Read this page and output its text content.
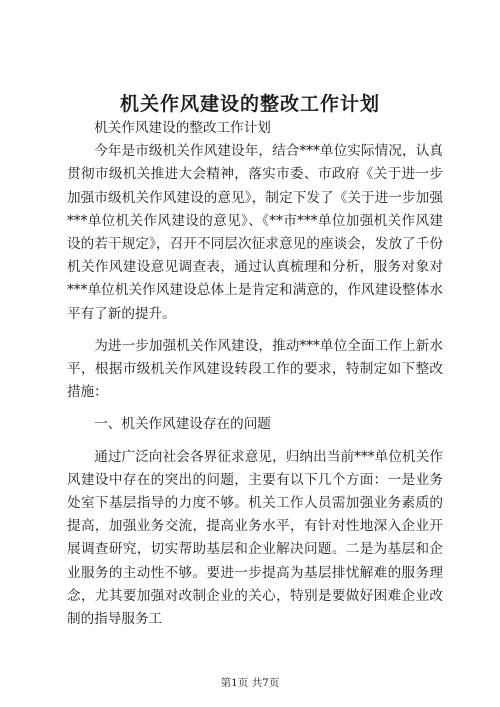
机关作风建设的整改工作计划

机关作风建设的整改工作计划

今年是市级机关作风建设年，结合***单位实际情况，认真贯彻市级机关推进大会精神，落实市委、市政府《关于进一步加强市级机关作风建设的意见》，制定下发了《关于进一步加强***单位机关作风建设的意见》、《**市***单位加强机关作风建设的若干规定》，召开不同层次征求意见的座谈会，发放了千份机关作风建设意见调查表，通过认真梳理和分析，服务对象对***单位机关作风建设总体上是肯定和满意的，作风建设整体水平有了新的提升。

为进一步加强机关作风建设，推动***单位全面工作上新水平，根据市级机关作风建设转段工作的要求，特制定如下整改措施：

一、机关作风建设存在的问题

通过广泛向社会各界征求意见，归纳出当前***单位机关作风建设中存在的突出的问题，主要有以下几个方面：一是业务处室下基层指导的力度不够。机关工作人员需加强业务素质的提高，加强业务交流，提高业务水平，有针对性地深入企业开展调查研究，切实帮助基层和企业解决问题。二是为基层和企业服务的主动性不够。要进一步提高为基层排忧解难的服务理念，尤其要加强对改制企业的关心，特别是要做好困难企业改制的指导服务工

第1页 共7页
